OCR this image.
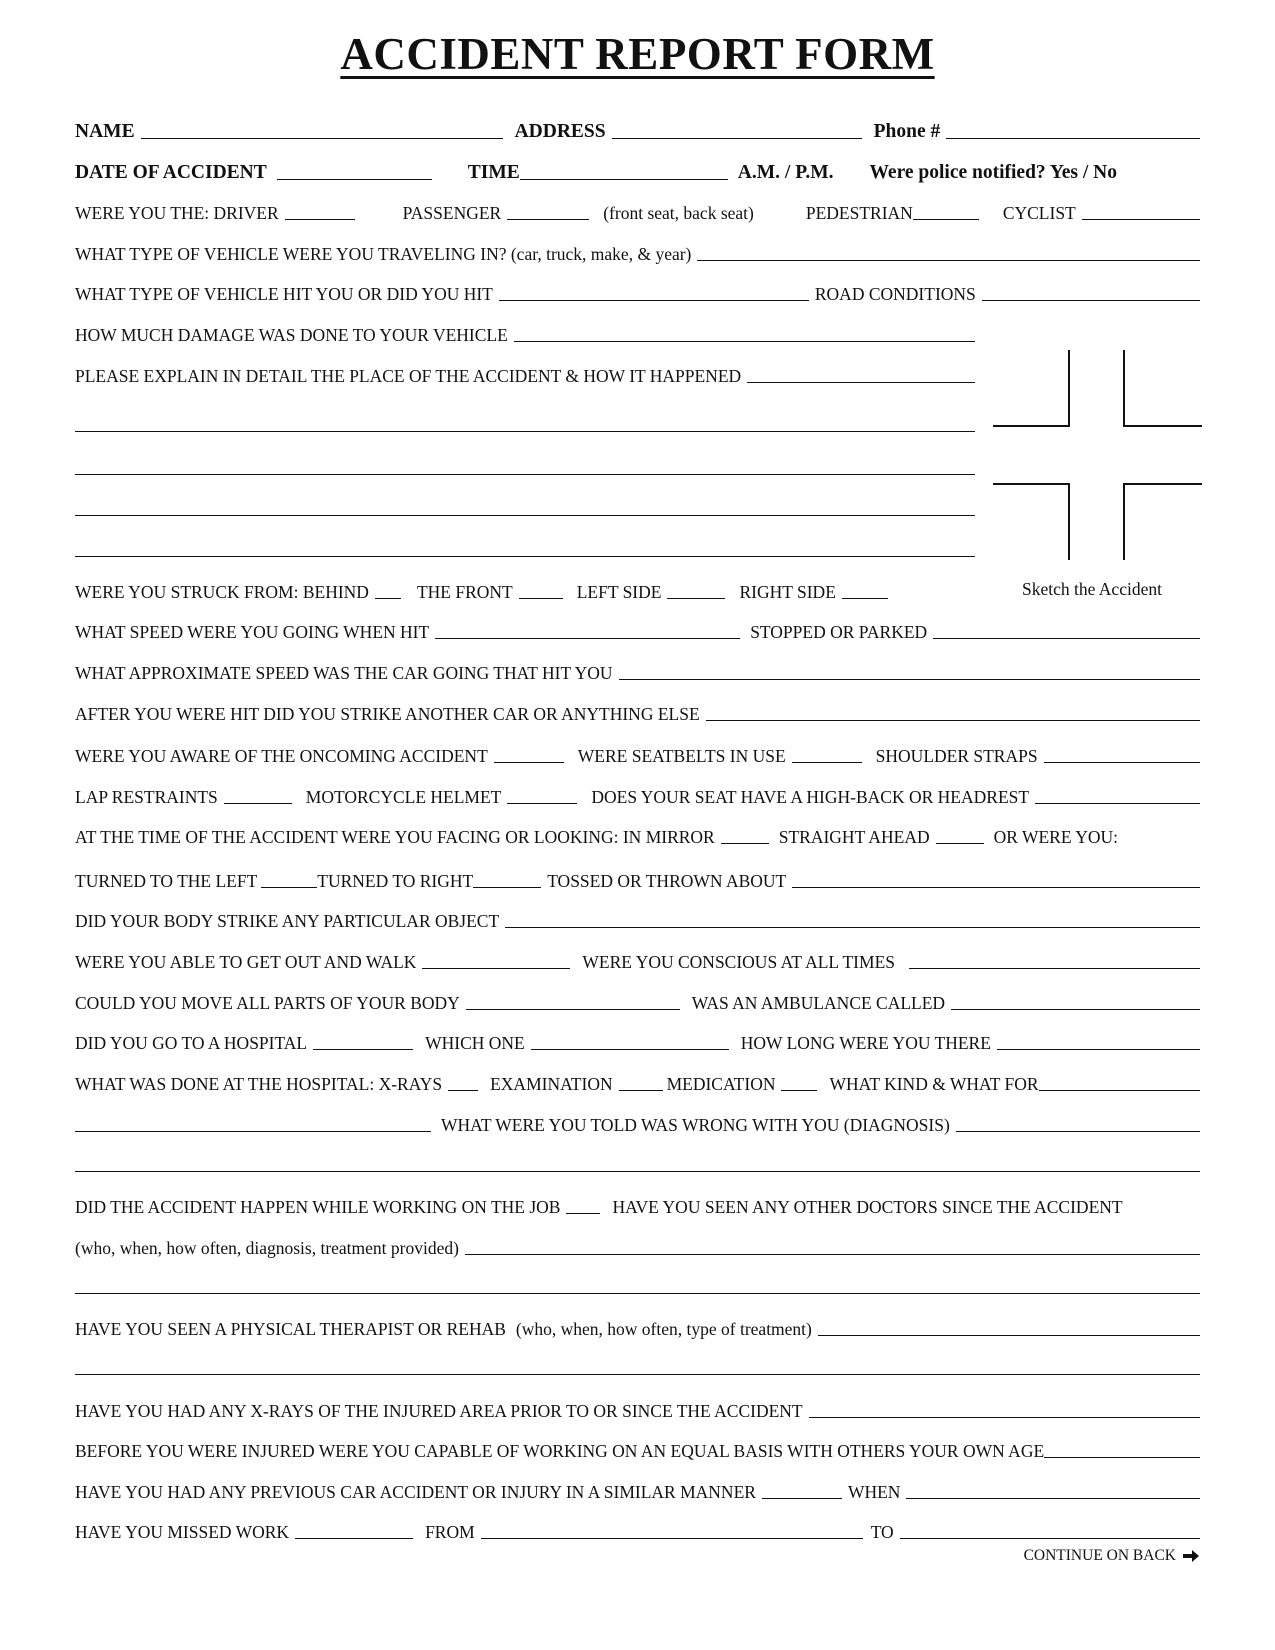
ACCIDENT REPORT FORM
NAME	ADDRESS	Phone #
DATE OF ACCIDENT	TIME	A.M. / P.M. Were police notified? Yes / No
WERE YOU THE: DRIVER	PASSENGER	(front seat, back seat)	PEDESTRIAN	CYCLIST
WHAT TYPE OF VEHICLE WERE YOU TRAVELING IN? (car, truck, make, & year)
WHAT TYPE OF VEHICLE HIT YOU OR DID YOU HIT	ROAD CONDITIONS
HOW MUCH DAMAGE WAS DONE TO YOUR VEHICLE
PLEASE EXPLAIN IN DETAIL THE PLACE OF THE ACCIDENT & HOW IT HAPPENED
WERE YOU STRUCK FROM: BEHIND	THE FRONT	LEFT SIDE	RIGHT SIDE	Sketch the Accident
WHAT SPEED WERE YOU GOING WHEN HIT	STOPPED OR PARKED
WHAT APPROXIMATE SPEED WAS THE CAR GOING THAT HIT YOU
AFTER YOU WERE HIT DID YOU STRIKE ANOTHER CAR OR ANYTHING ELSE
WERE YOU AWARE OF THE ONCOMING ACCIDENT	WERE SEATBELTS IN USE	SHOULDER STRAPS
LAP RESTRAINTS	MOTORCYCLE HELMET	DOES YOUR SEAT HAVE A HIGH-BACK OR HEADREST
AT THE TIME OF THE ACCIDENT WERE YOU FACING OR LOOKING: IN MIRROR	STRAIGHT AHEAD	OR WERE YOU:
TURNED TO THE LEFT	TURNED TO RIGHT	TOSSED OR THROWN ABOUT
DID YOUR BODY STRIKE ANY PARTICULAR OBJECT
WERE YOU ABLE TO GET OUT AND WALK	WERE YOU CONSCIOUS AT ALL TIMES
COULD YOU MOVE ALL PARTS OF YOUR BODY	WAS AN AMBULANCE CALLED
DID YOU GO TO A HOSPITAL	WHICH ONE	HOW LONG WERE YOU THERE
WHAT WAS DONE AT THE HOSPITAL: X-RAYS	EXAMINATION	MEDICATION	WHAT KIND & WHAT FOR
WHAT WERE YOU TOLD WAS WRONG WITH YOU (DIAGNOSIS)
DID THE ACCIDENT HAPPEN WHILE WORKING ON THE JOB	HAVE YOU SEEN ANY OTHER DOCTORS SINCE THE ACCIDENT
(who, when, how often, diagnosis, treatment provided)
HAVE YOU SEEN A PHYSICAL THERAPIST OR REHAB (who, when, how often, type of treatment)
HAVE YOU HAD ANY X-RAYS OF THE INJURED AREA PRIOR TO OR SINCE THE ACCIDENT
BEFORE YOU WERE INJURED WERE YOU CAPABLE OF WORKING ON AN EQUAL BASIS WITH OTHERS YOUR OWN AGE
HAVE YOU HAD ANY PREVIOUS CAR ACCIDENT OR INJURY IN A SIMILAR MANNER	WHEN
HAVE YOU MISSED WORK	FROM	TO
CONTINUE ON BACK
